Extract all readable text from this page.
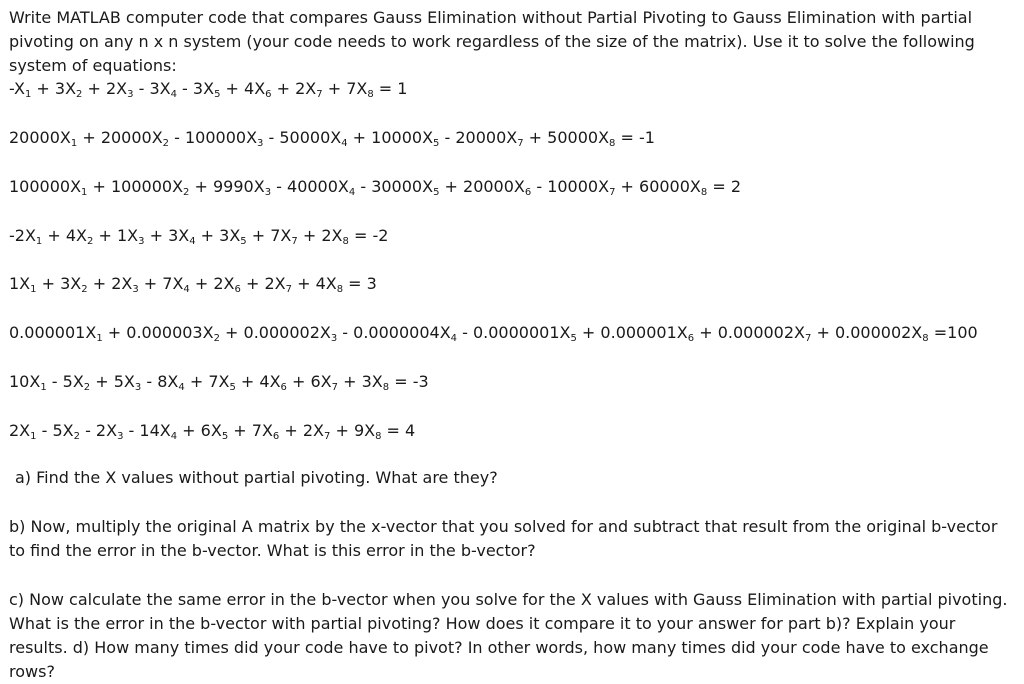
Write MATLAB computer code that compares Gauss Elimination without Partial Pivoting to Gauss Elimination with partial pivoting on any n x n system (your code needs to work regardless of the size of the matrix). Use it to solve the following system of equations:
$-X_1 + 3X_2 + 2X_3 - 3X_4 - 3X_5 + 4X_6 + 2X_7 + 7X_8 = 1$
$20000X_1 + 20000X_2 - 100000X_3 - 50000X_4 + 10000X_5 - 20000X_7 + 50000X_8 = -1$
$100000X_1 + 100000X_2 + 9990X_3 - 40000X_4 - 30000X_5 + 20000X_6 - 10000X_7 + 60000X_8 = 2$
$-2X_1 + 4X_2 + 1X_3 + 3X_4 + 3X_5 + 7X_7 + 2X_8 = -2$
$1X_1 + 3X_2 + 2X_3 + 7X_4 + 2X_6 + 2X_7 + 4X_8 = 3$
$0.000001X_1 + 0.000003X_2 + 0.000002X_3 - 0.0000004X_4 - 0.0000001X_5 + 0.000001X_6 + 0.000002X_7 + 0.000002X_8 =100$
$10X_1 - 5X_2 + 5X_3 - 8X_4 + 7X_5 + 4X_6 + 6X_7 + 3X_8 = -3$
$2X_1 - 5X_2 - 2X_3 - 14X_4 + 6X_5 + 7X_6 + 2X_7 + 9X_8 = 4$
a) Find the X values without partial pivoting. What are they?
b) Now, multiply the original A matrix by the x-vector that you solved for and subtract that result from the original b-vector to find the error in the b-vector. What is this error in the b-vector?
c) Now calculate the same error in the b-vector when you solve for the X values with Gauss Elimination with partial pivoting. What is the error in the b-vector with partial pivoting? How does it compare it to your answer for part b)? Explain your results. d) How many times did your code have to pivot? In other words, how many times did your code have to exchange rows?
